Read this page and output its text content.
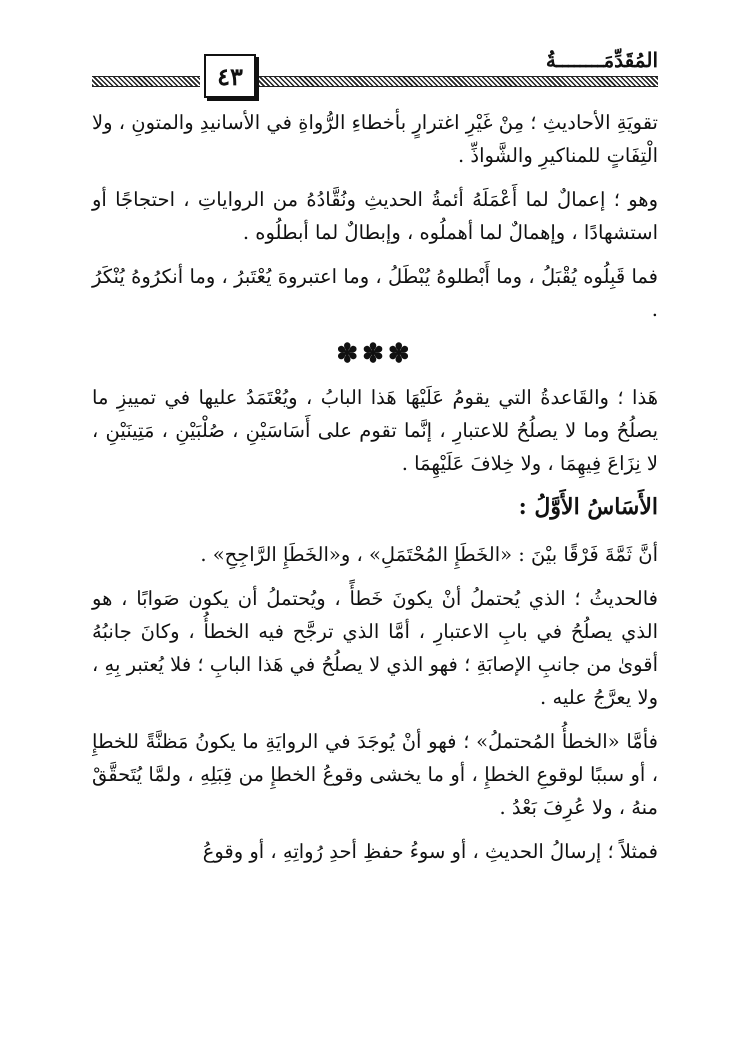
المُقَدِّمَــــــــةُ
٤٣

تقويَةِ الأحاديثِ ؛ مِنْ غَيْرِ اغترارٍ بأخطاءِ الرُّواةِ في الأسانيدِ والمتونِ ، ولا الْتِفَاتٍ للمناكيرِ والشَّواذِّ .

وهو ؛ إعمالٌ لما أَعْمَلَهُ أئمةُ الحديثِ ونُقَّادُهُ من الرواياتِ ، احتجاجًا أو استشهادًا ، وإهمالٌ لما أهملُوه ، وإبطالٌ لما أبطلُوه .

فما قَبِلُوه يُقْبَلُ ، وما أَبْطلوهُ يُبْطَلُ ، وما اعتبروهَ يُعْتَبرُ ، وما أنكرُوهُ يُنْكَرُ .

✽✽✽

هَذا ؛ والقَاعدةُ التي يقومُ عَلَيْهَا هَذا البابُ ، ويُعْتَمَدُ عليها في تمييزِ ما يصلُحُ وما لا يصلُحُ للاعتبارِ ، إنَّما تقوم على أَسَاسَيْنِ ، صُلْبَيْنِ ، مَتِينَيْنِ ، لا نِزَاعَ فِيهِمَا ، ولا خِلافَ عَلَيْهِمَا .

الأَسَاسُ الأَوَّلُ :

أنَّ ثَمَّةَ فَرْقًا بيْنَ : «الخَطَإِ المُحْتَمَلِ» ، و«الخَطَإِ الرَّاجِحِ» .

فالحديثُ ؛ الذي يُحتملُ أنْ يكونَ خَطأً ، ويُحتملُ أن يكون صَوابًا ، هو الذي يصلُحُ في بابِ الاعتبارِ ، أمَّا الذي ترجَّح فيه الخطأُ ، وكانَ جانبُهُ أقوىٰ من جانبِ الإصابَةِ ؛ فهو الذي لا يصلُحُ في هَذا البابِ ؛ فلا يُعتبر بِهِ ، ولا يعرَّجُ عليه .

فأمَّا «الخطأُ المُحتملُ» ؛ فهو أنْ يُوجَدَ في الروايَةِ ما يكونُ مَظنَّةً للخطإِ ، أو سببًا لوقوعِ الخطإِ ، أو ما يخشى وقوعُ الخطإِ من قِبَلِهِ ، ولمَّا يُتَحقَّقْ منهُ ، ولا عُرِفَ بَعْدُ .

فمثلاً ؛ إرسالُ الحديثِ ، أو سوءُ حفظِ أحدِ رُواتِهِ ، أو وقوعُ
